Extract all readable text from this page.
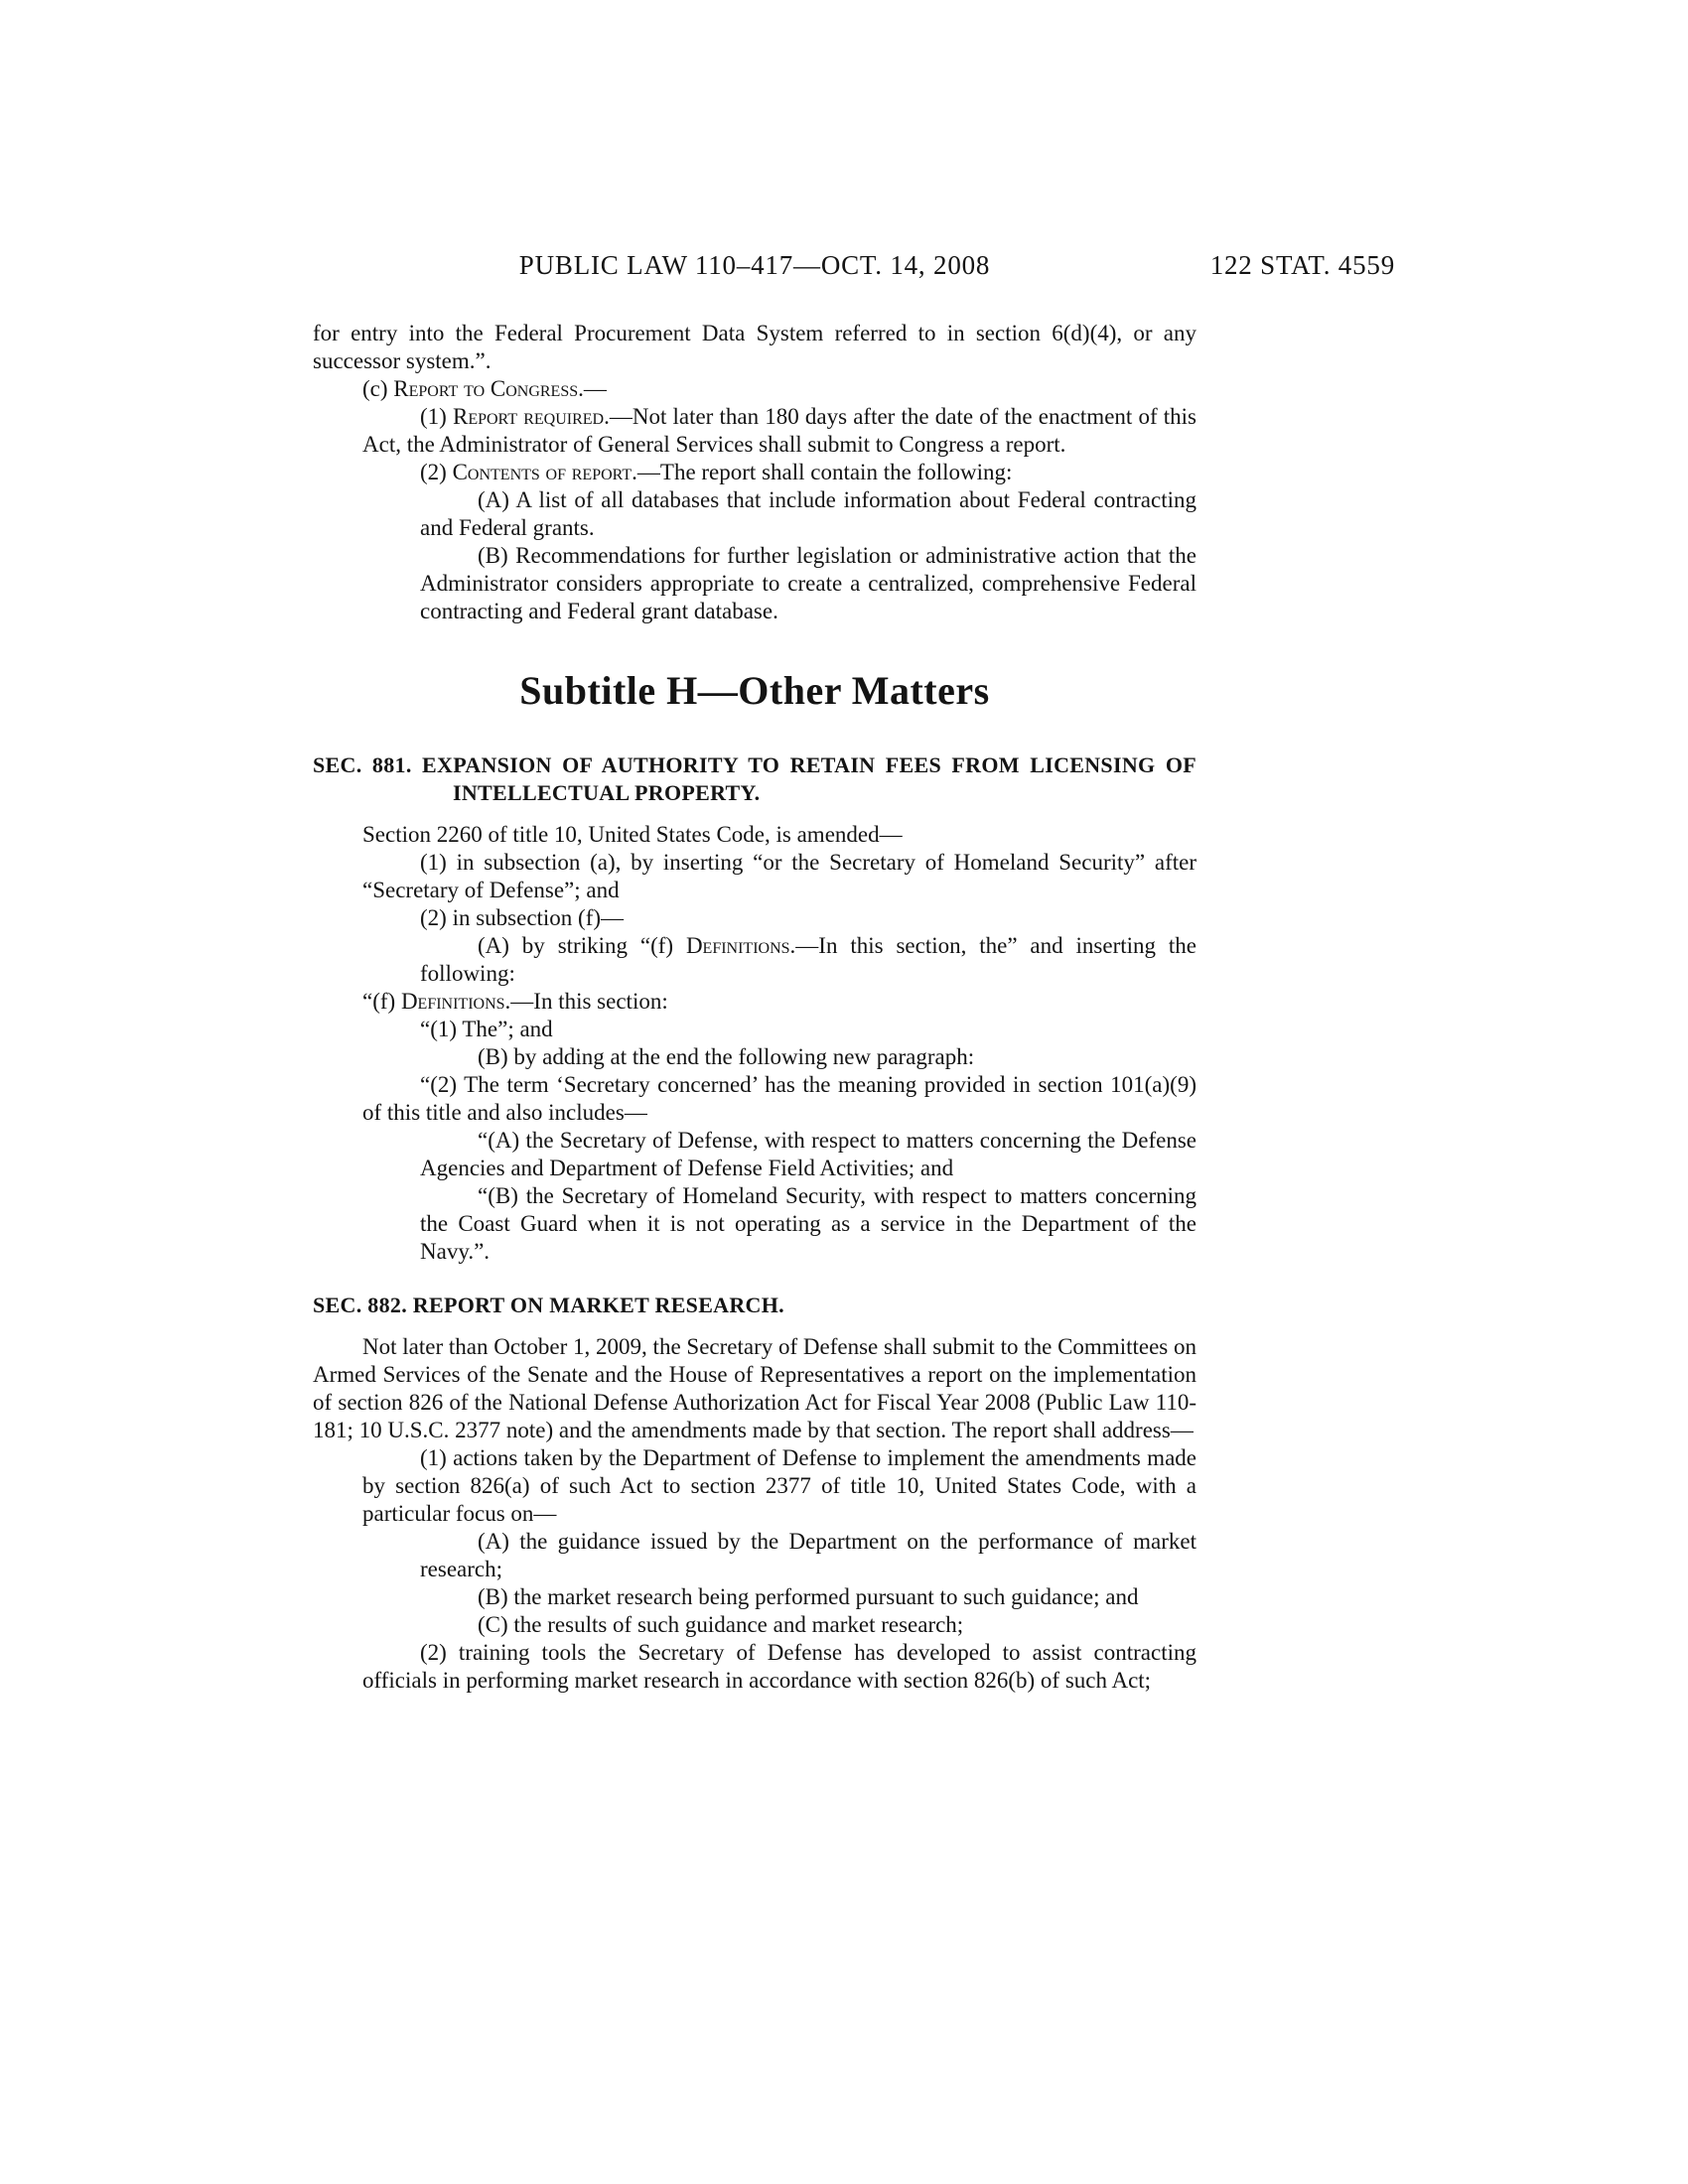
PUBLIC LAW 110–417—OCT. 14, 2008	122 STAT. 4559

for entry into the Federal Procurement Data System referred to in section 6(d)(4), or any successor system.”.

(c) Report to Congress.—

(1) Report required.—Not later than 180 days after the date of the enactment of this Act, the Administrator of General Services shall submit to Congress a report.

(2) Contents of report.—The report shall contain the following:

(A) A list of all databases that include information about Federal contracting and Federal grants.

(B) Recommendations for further legislation or administrative action that the Administrator considers appropriate to create a centralized, comprehensive Federal contracting and Federal grant database.

Subtitle H—Other Matters

SEC. 881. EXPANSION OF AUTHORITY TO RETAIN FEES FROM LICENSING OF INTELLECTUAL PROPERTY.

Section 2260 of title 10, United States Code, is amended—

(1) in subsection (a), by inserting “or the Secretary of Homeland Security” after “Secretary of Defense”; and

(2) in subsection (f)—

(A) by striking “(f) Definitions.—In this section, the” and inserting the following:

“(f) Definitions.—In this section:

“(1) The”; and

(B) by adding at the end the following new paragraph:

“(2) The term ‘Secretary concerned’ has the meaning provided in section 101(a)(9) of this title and also includes—

“(A) the Secretary of Defense, with respect to matters concerning the Defense Agencies and Department of Defense Field Activities; and

“(B) the Secretary of Homeland Security, with respect to matters concerning the Coast Guard when it is not operating as a service in the Department of the Navy.”.

SEC. 882. REPORT ON MARKET RESEARCH.

Not later than October 1, 2009, the Secretary of Defense shall submit to the Committees on Armed Services of the Senate and the House of Representatives a report on the implementation of section 826 of the National Defense Authorization Act for Fiscal Year 2008 (Public Law 110-181; 10 U.S.C. 2377 note) and the amendments made by that section. The report shall address—

(1) actions taken by the Department of Defense to implement the amendments made by section 826(a) of such Act to section 2377 of title 10, United States Code, with a particular focus on—

(A) the guidance issued by the Department on the performance of market research;

(B) the market research being performed pursuant to such guidance; and

(C) the results of such guidance and market research;

(2) training tools the Secretary of Defense has developed to assist contracting officials in performing market research in accordance with section 826(b) of such Act;
